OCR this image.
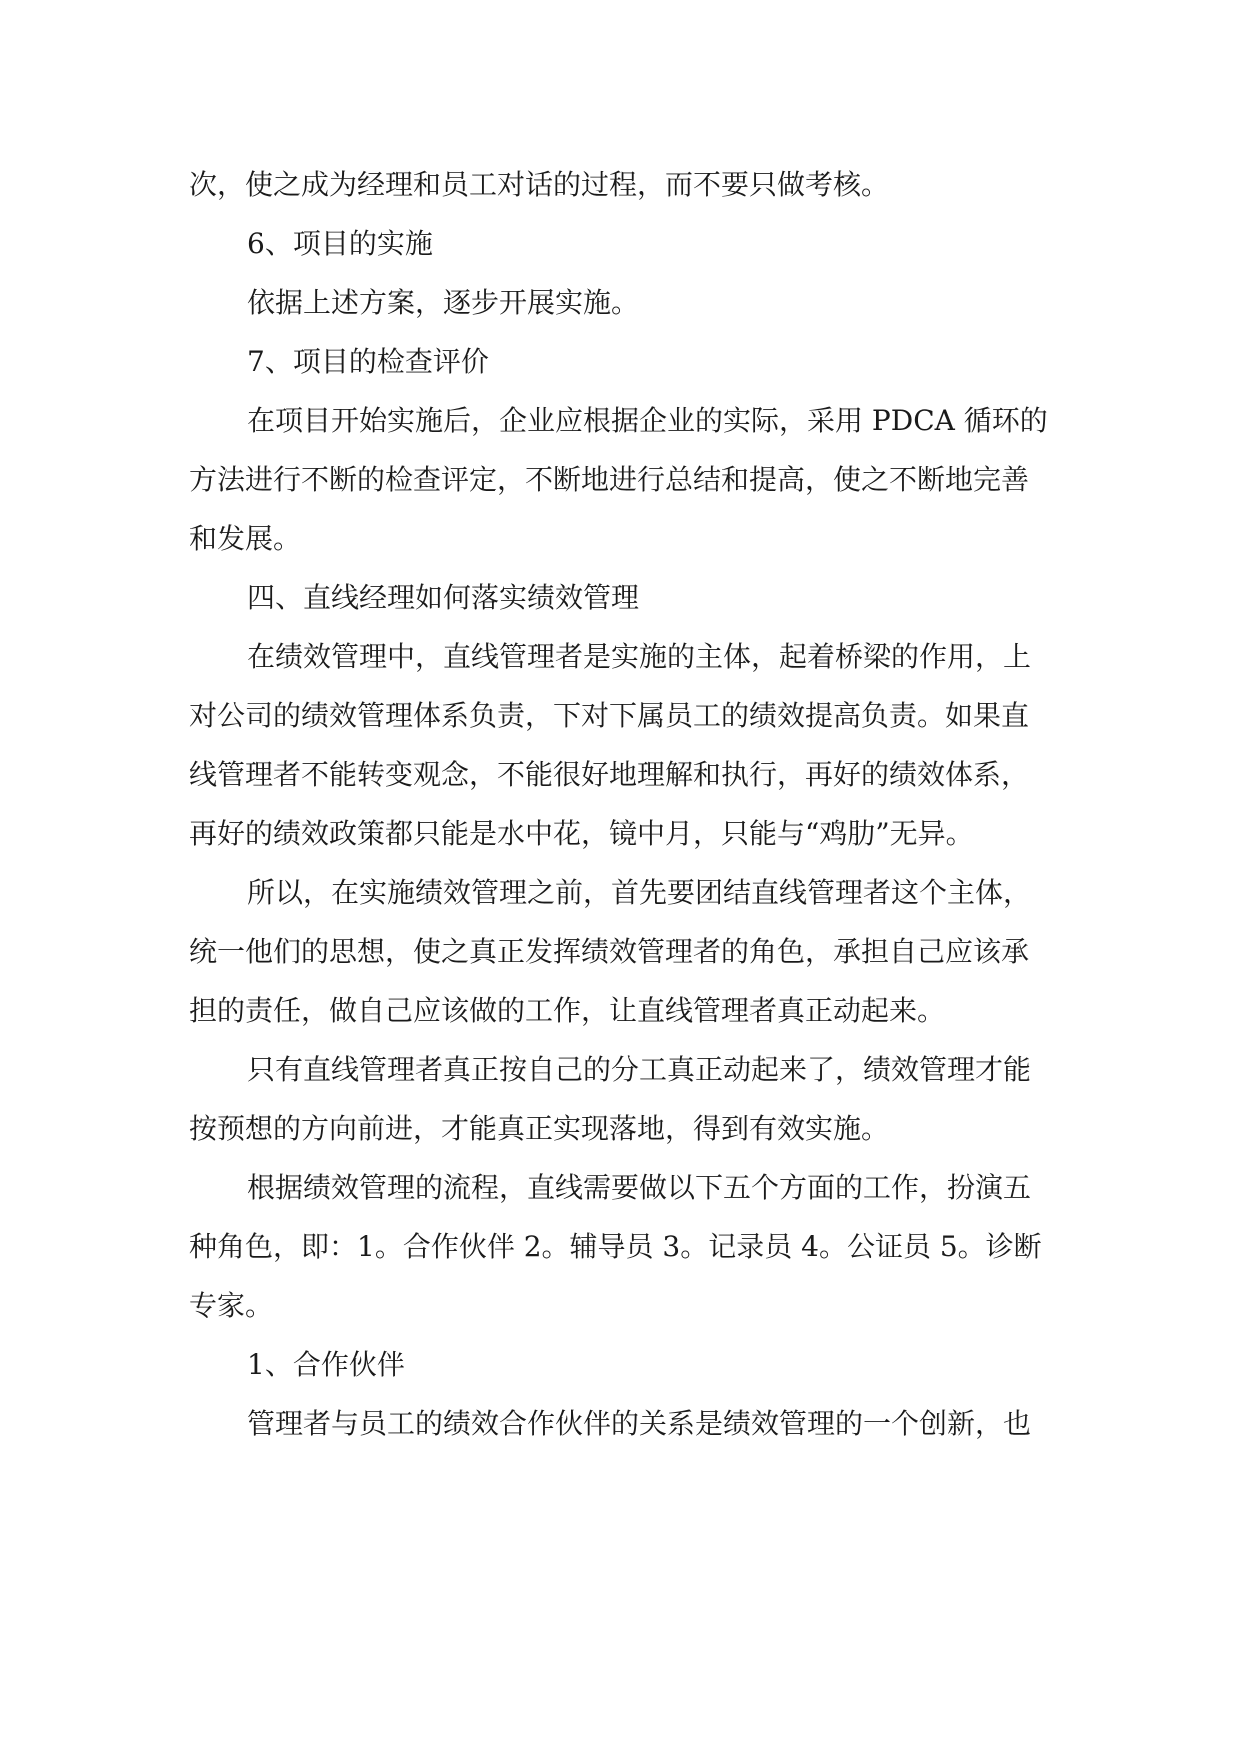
次，使之成为经理和员工对话的过程，而不要只做考核。
6、项目的实施
依据上述方案，逐步开展实施。
7、项目的检查评价
在项目开始实施后，企业应根据企业的实际，采用 PDCA 循环的
方法进行不断的检查评定，不断地进行总结和提高，使之不断地完善
和发展。
四、直线经理如何落实绩效管理
在绩效管理中，直线管理者是实施的主体，起着桥梁的作用，上
对公司的绩效管理体系负责，下对下属员工的绩效提高负责。如果直
线管理者不能转变观念，不能很好地理解和执行，再好的绩效体系，
再好的绩效政策都只能是水中花，镜中月，只能与“鸡肋”无异。
所以，在实施绩效管理之前，首先要团结直线管理者这个主体，
统一他们的思想，使之真正发挥绩效管理者的角色，承担自己应该承
担的责任，做自己应该做的工作，让直线管理者真正动起来。
只有直线管理者真正按自己的分工真正动起来了，绩效管理才能
按预想的方向前进，才能真正实现落地，得到有效实施。
根据绩效管理的流程，直线需要做以下五个方面的工作，扮演五
种角色，即：1。合作伙伴 2。辅导员 3。记录员 4。公证员 5。诊断
专家。
1、合作伙伴
管理者与员工的绩效合作伙伴的关系是绩效管理的一个创新，也
